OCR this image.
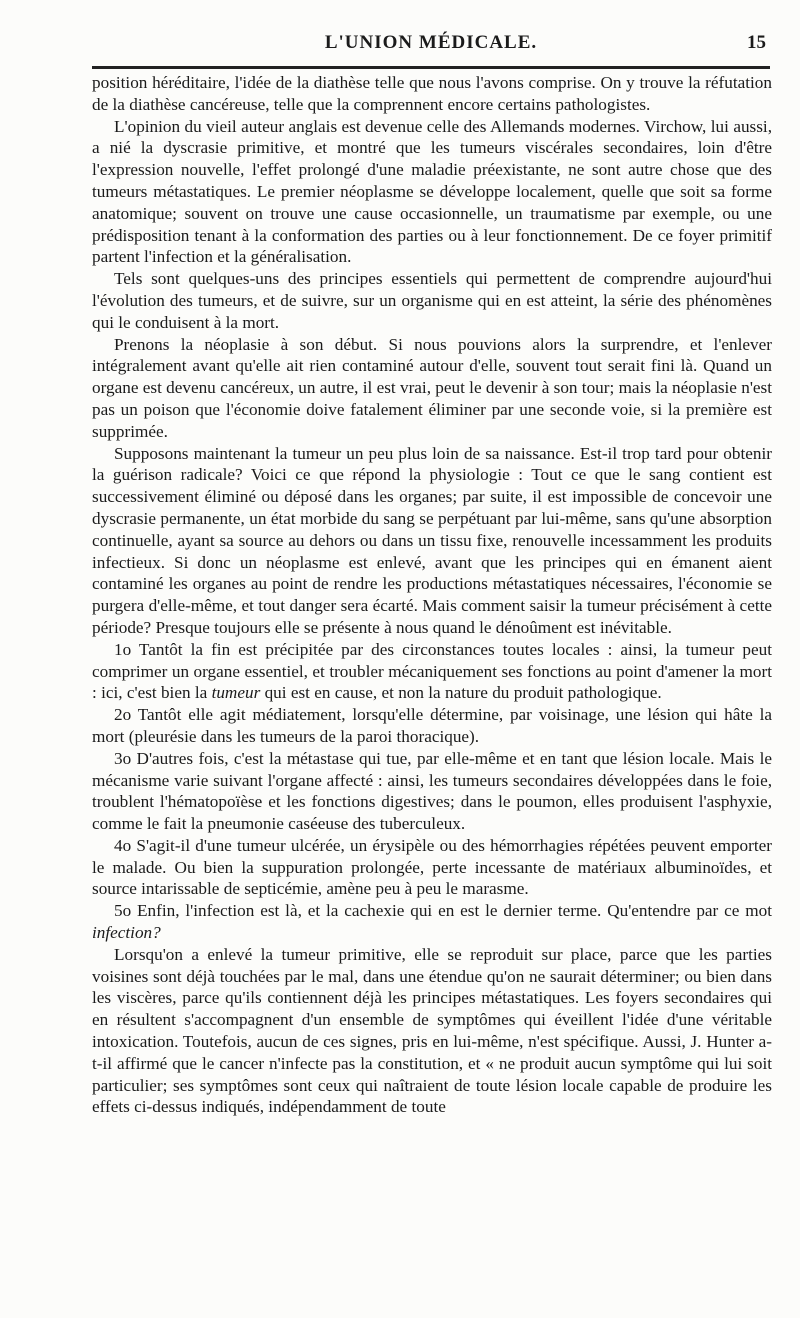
L'UNION MÉDICALE.	15

position héréditaire, l'idée de la diathèse telle que nous l'avons comprise. On y trouve la réfutation de la diathèse cancéreuse, telle que la comprennent encore certains pathologistes.

L'opinion du vieil auteur anglais est devenue celle des Allemands modernes. Virchow, lui aussi, a nié la dyscrasie primitive, et montré que les tumeurs viscérales secondaires, loin d'être l'expression nouvelle, l'effet prolongé d'une maladie préexistante, ne sont autre chose que des tumeurs métastatiques. Le premier néoplasme se développe localement, quelle que soit sa forme anatomique; souvent on trouve une cause occasionnelle, un traumatisme par exemple, ou une prédisposition tenant à la conformation des parties ou à leur fonctionnement. De ce foyer primitif partent l'infection et la généralisation.

Tels sont quelques-uns des principes essentiels qui permettent de comprendre aujourd'hui l'évolution des tumeurs, et de suivre, sur un organisme qui en est atteint, la série des phénomènes qui le conduisent à la mort.

Prenons la néoplasie à son début. Si nous pouvions alors la surprendre, et l'enlever intégralement avant qu'elle ait rien contaminé autour d'elle, souvent tout serait fini là. Quand un organe est devenu cancéreux, un autre, il est vrai, peut le devenir à son tour; mais la néoplasie n'est pas un poison que l'économie doive fatalement éliminer par une seconde voie, si la première est supprimée.

Supposons maintenant la tumeur un peu plus loin de sa naissance. Est-il trop tard pour obtenir la guérison radicale? Voici ce que répond la physiologie : Tout ce que le sang contient est successivement éliminé ou déposé dans les organes; par suite, il est impossible de concevoir une dyscrasie permanente, un état morbide du sang se perpétuant par lui-même, sans qu'une absorption continuelle, ayant sa source au dehors ou dans un tissu fixe, renouvelle incessamment les produits infectieux. Si donc un néoplasme est enlevé, avant que les principes qui en émanent aient contaminé les organes au point de rendre les productions métastatiques nécessaires, l'économie se purgera d'elle-même, et tout danger sera écarté. Mais comment saisir la tumeur précisément à cette période? Presque toujours elle se présente à nous quand le dénoûment est inévitable.

1o Tantôt la fin est précipitée par des circonstances toutes locales : ainsi, la tumeur peut comprimer un organe essentiel, et troubler mécaniquement ses fonctions au point d'amener la mort : ici, c'est bien la tumeur qui est en cause, et non la nature du produit pathologique.

2o Tantôt elle agit médiatement, lorsqu'elle détermine, par voisinage, une lésion qui hâte la mort (pleurésie dans les tumeurs de la paroi thoracique).

3o D'autres fois, c'est la métastase qui tue, par elle-même et en tant que lésion locale. Mais le mécanisme varie suivant l'organe affecté : ainsi, les tumeurs secondaires développées dans le foie, troublent l'hématopoïèse et les fonctions digestives; dans le poumon, elles produisent l'asphyxie, comme le fait la pneumonie caséeuse des tuberculeux.

4o S'agit-il d'une tumeur ulcérée, un érysipèle ou des hémorrhagies répétées peuvent emporter le malade. Ou bien la suppuration prolongée, perte incessante de matériaux albuminoïdes, et source intarissable de septicémie, amène peu à peu le marasme.

5o Enfin, l'infection est là, et la cachexie qui en est le dernier terme. Qu'entendre par ce mot infection?

Lorsqu'on a enlevé la tumeur primitive, elle se reproduit sur place, parce que les parties voisines sont déjà touchées par le mal, dans une étendue qu'on ne saurait déterminer; ou bien dans les viscères, parce qu'ils contiennent déjà les principes métastatiques. Les foyers secondaires qui en résultent s'accompagnent d'un ensemble de symptômes qui éveillent l'idée d'une véritable intoxication. Toutefois, aucun de ces signes, pris en lui-même, n'est spécifique. Aussi, J. Hunter a-t-il affirmé que le cancer n'infecte pas la constitution, et « ne produit aucun symptôme qui lui soit particulier; ses symptômes sont ceux qui naîtraient de toute lésion locale capable de produire les effets ci-dessus indiqués, indépendamment de toute
